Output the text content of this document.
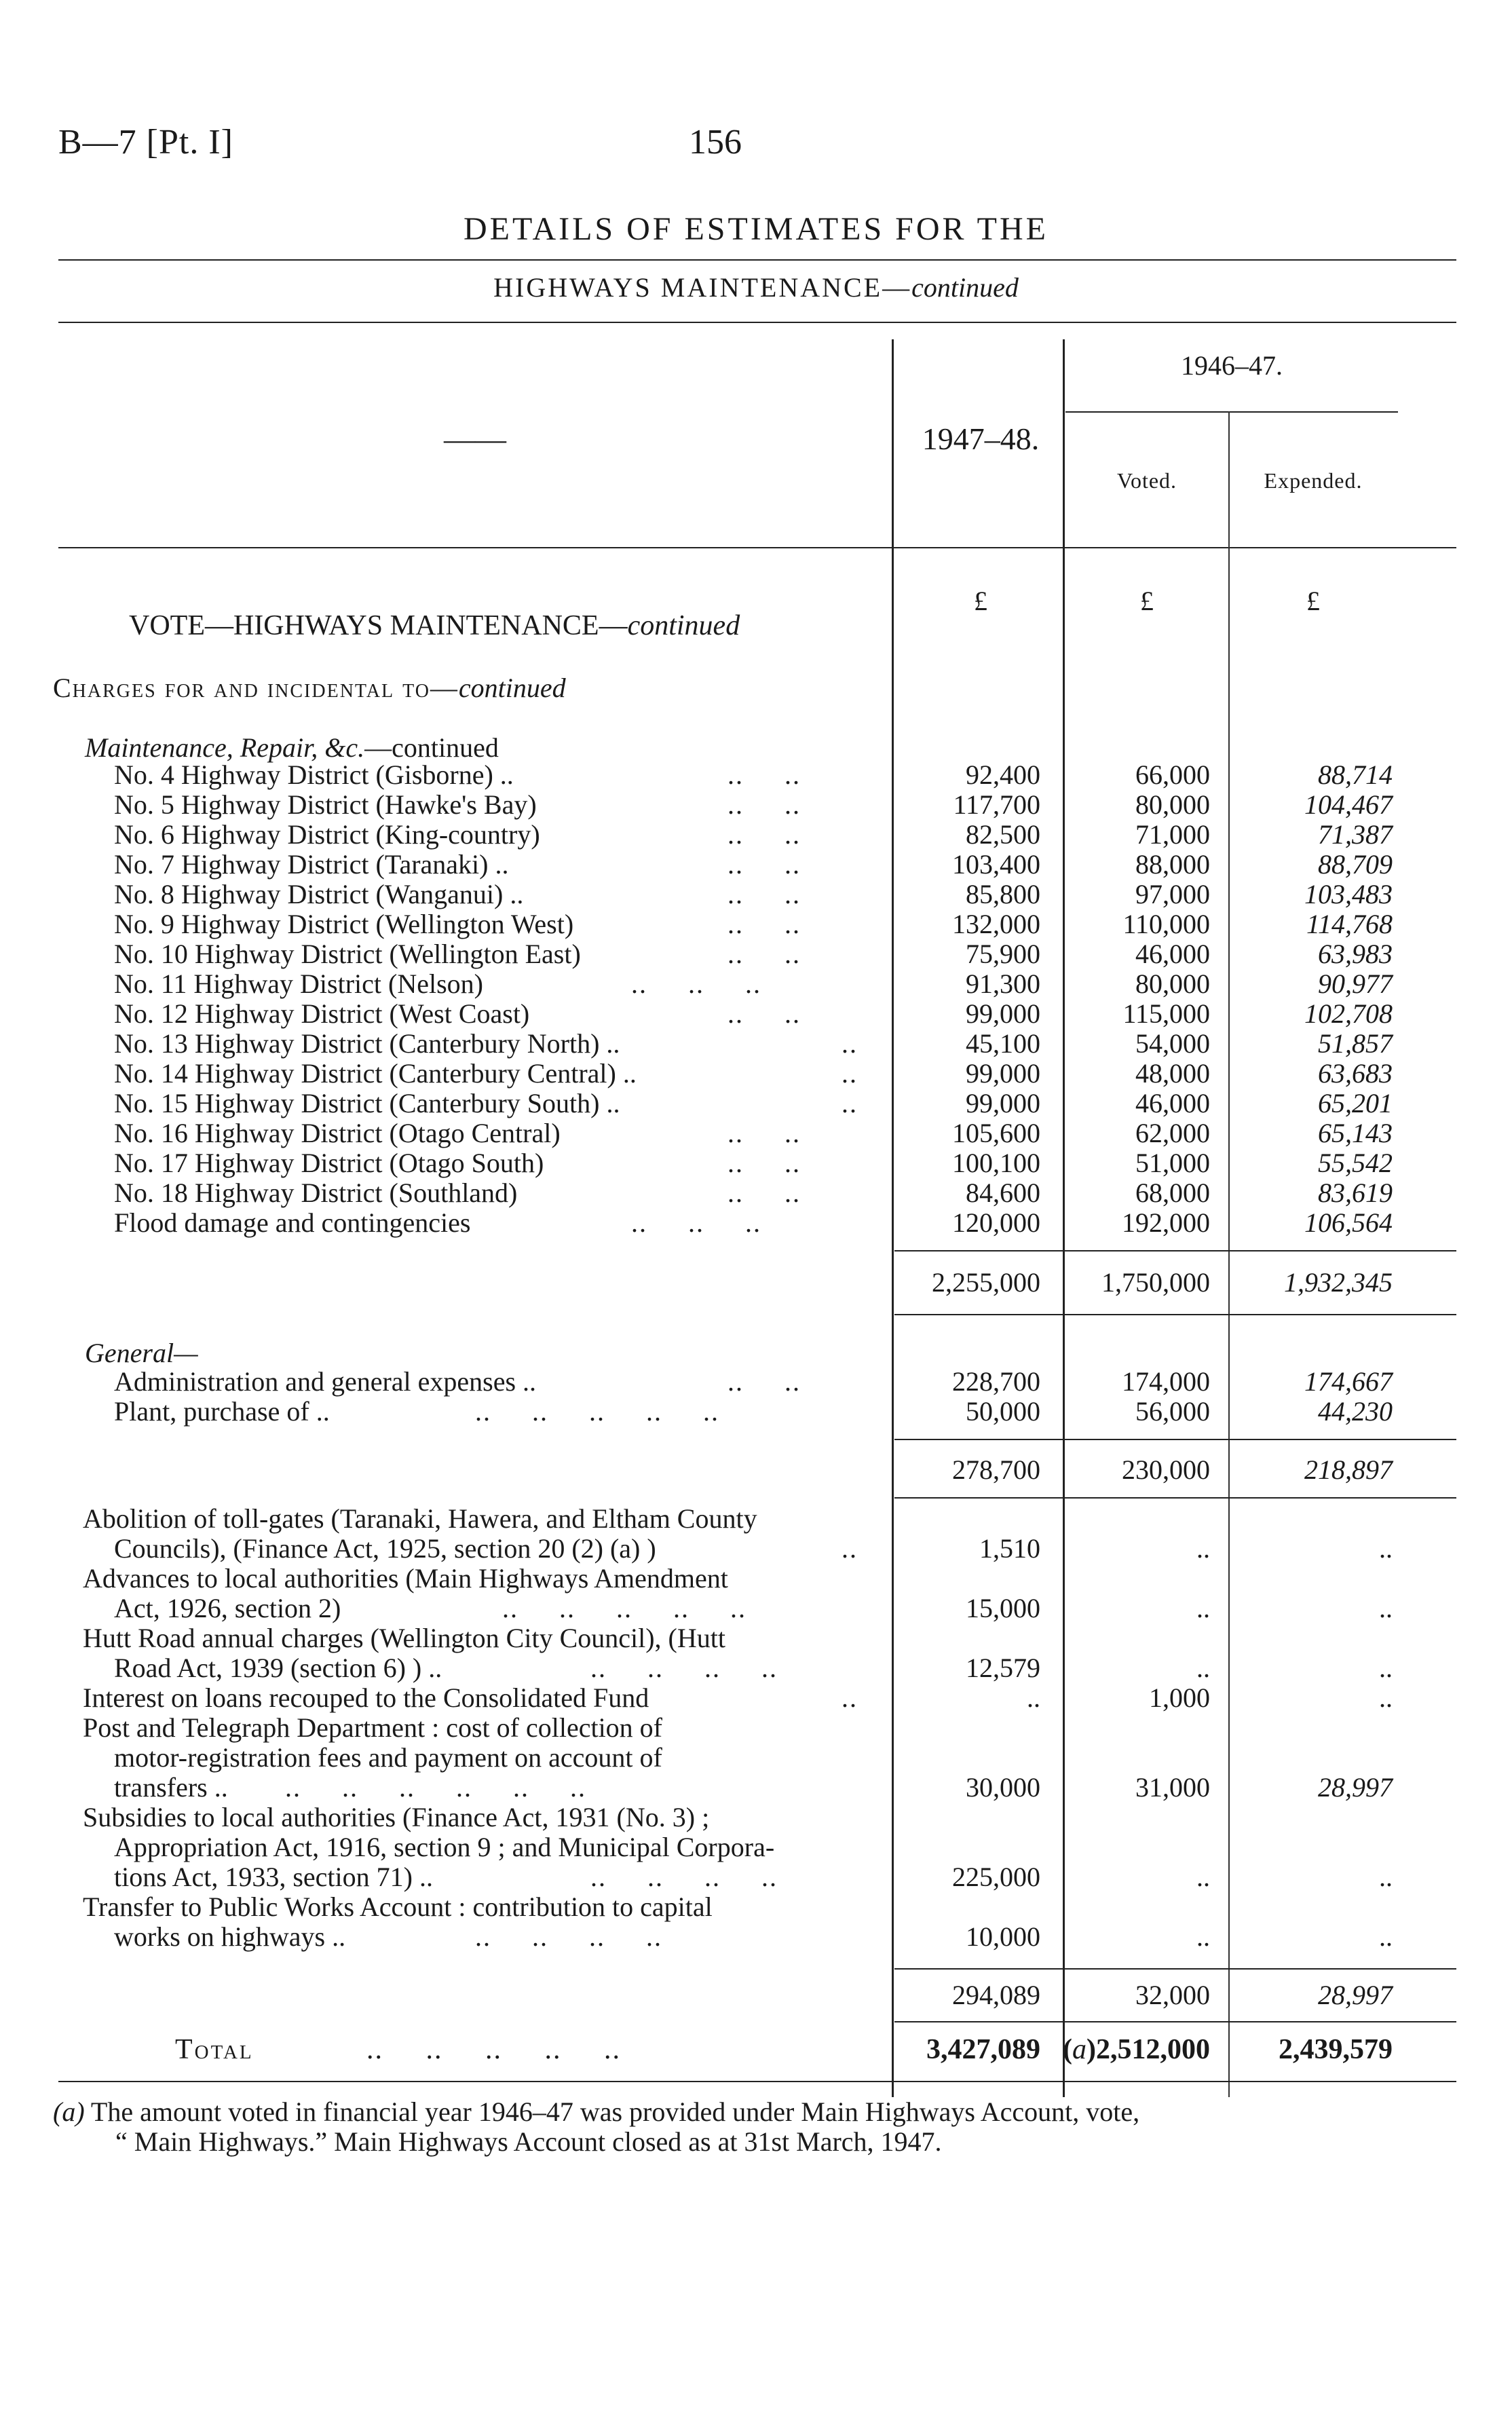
B—7 [Pt. I]	156
DETAILS OF ESTIMATES FOR THE
HIGHWAYS MAINTENANCE—continued
——	1947–48.
1946–47.
Voted.	Expended.
£	£	£
VOTE—HIGHWAYS MAINTENANCE—continued
Charges for and incidental to—continued
Maintenance, Repair, &c.—continued
No. 4 Highway District (Gisborne) ..	..     ..	92,400	66,000	88,714
No. 5 Highway District (Hawke's Bay)	..     ..	117,700	80,000	104,467
No. 6 Highway District (King-country)	..     ..	82,500	71,000	71,387
No. 7 Highway District (Taranaki) ..	..     ..	103,400	88,000	88,709
No. 8 Highway District (Wanganui) ..	..     ..	85,800	97,000	103,483
No. 9 Highway District (Wellington West)	..     ..	132,000	110,000	114,768
No. 10 Highway District (Wellington East)	..     ..	75,900	46,000	63,983
No. 11 Highway District (Nelson)	..     ..     ..	91,300	80,000	90,977
No. 12 Highway District (West Coast)	..     ..	99,000	115,000	102,708
No. 13 Highway District (Canterbury North) ..	..	45,100	54,000	51,857
No. 14 Highway District (Canterbury Central) ..	..	99,000	48,000	63,683
No. 15 Highway District (Canterbury South) ..	..	99,000	46,000	65,201
No. 16 Highway District (Otago Central)	..     ..	105,600	62,000	65,143
No. 17 Highway District (Otago South)	..     ..	100,100	51,000	55,542
No. 18 Highway District (Southland)	..     ..	84,600	68,000	83,619
Flood damage and contingencies	..     ..     ..	120,000	192,000	106,564
2,255,000 1,750,000	1,932,345
General—
Administration and general expenses ..	..     ..	228,700	174,000	174,667
Plant, purchase of ..	..     ..     ..     ..     ..	50,000	56,000	44,230
278,700	230,000	218,897
Abolition of toll-gates (Taranaki, Hawera, and Eltham County
Councils), (Finance Act, 1925, section 20 (2) (a) )	..	1,510	..	..
Advances to local authorities (Main Highways Amendment
Act, 1926, section 2)	..     ..     ..     ..     ..	15,000	..	..
Hutt Road annual charges (Wellington City Council), (Hutt
Road Act, 1939 (section 6) ) ..	..     ..     ..     ..	12,579	..	..
Interest on loans recouped to the Consolidated Fund	..	..	1,000	..
Post and Telegraph Department : cost of collection of
motor-registration fees and payment on account of
transfers .. ..     ..     ..     ..     ..     ..	30,000	31,000	28,997
Subsidies to local authorities (Finance Act, 1931 (No. 3) ;
Appropriation Act, 1916, section 9 ; and Municipal Corpora-
tions Act, 1933, section 71) ..	..     ..     ..     ..	225,000	..	..
Transfer to Public Works Account : contribution to capital
works on highways ..	..     ..     ..     ..	10,000	..	..
294,089	32,000	28,997
Total	..     ..     ..     ..     ..	3,427,089 (a)2,512,000 2,439,579
(a) The amount voted in financial year 1946–47 was provided under Main Highways Account, vote,
“ Main Highways.” Main Highways Account closed as at 31st March, 1947.
